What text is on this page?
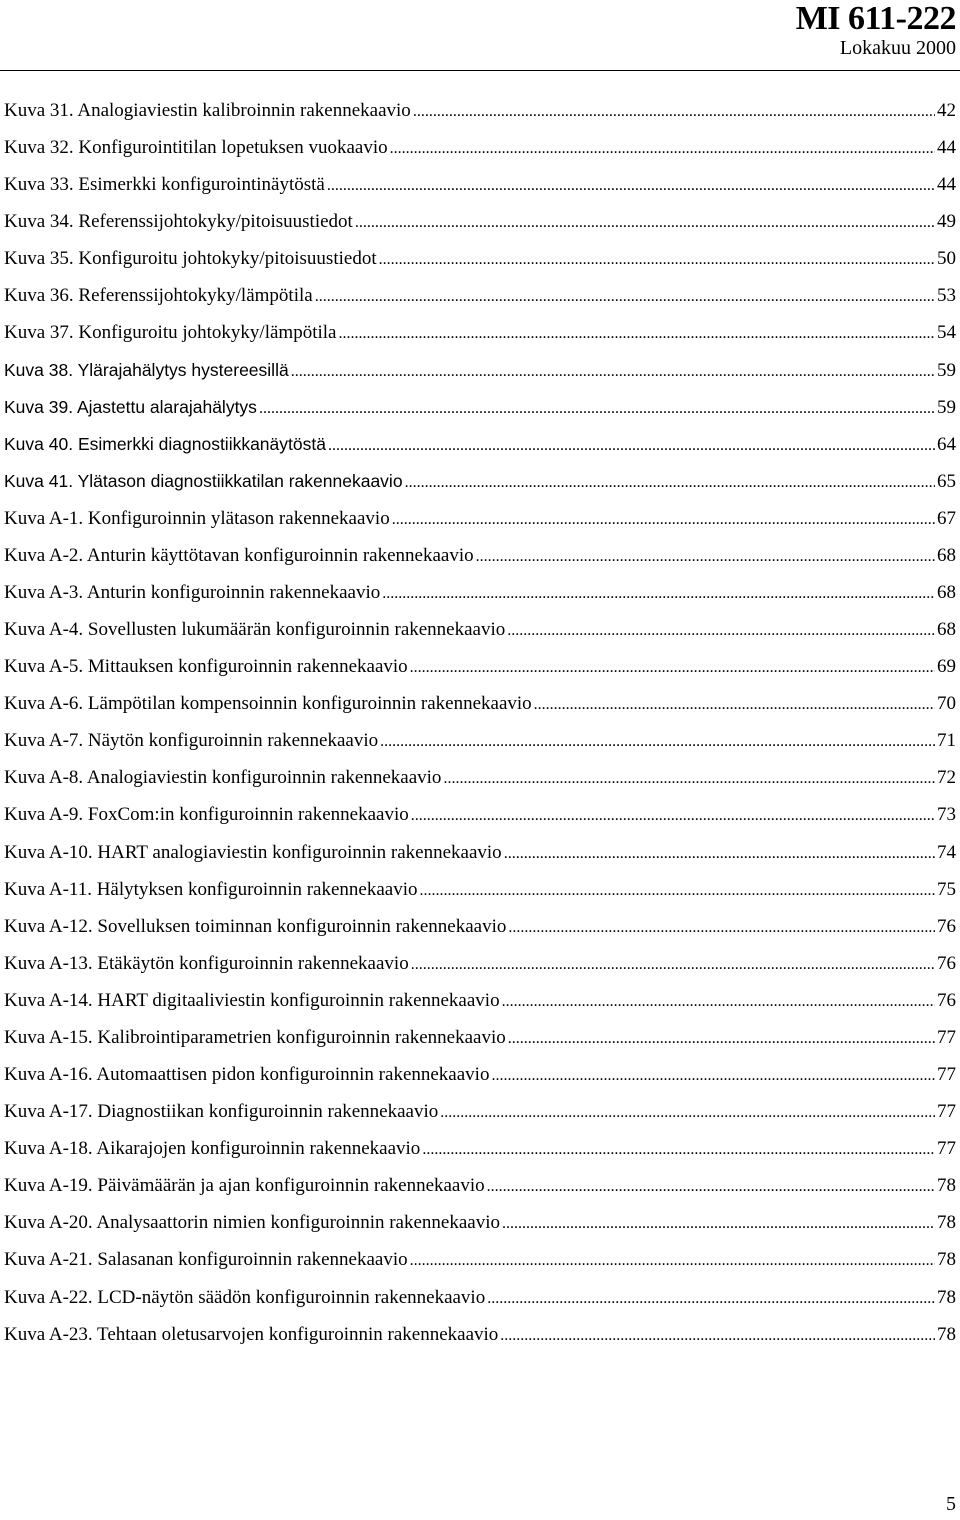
MI 611-222
Lokakuu 2000
Kuva 31. Analogiaviestin kalibroinnin rakennekaavio .....	42
Kuva 32. Konfigurointitilan lopetuksen vuokaavio .....	44
Kuva 33. Esimerkki konfigurointinäytöstä .....	44
Kuva 34. Referenssijohtokyky/pitoisuustiedot .....	49
Kuva 35. Konfiguroitu johtokyky/pitoisuustiedot .....	50
Kuva 36. Referenssijohtokyky/lämpötila .....	53
Kuva 37. Konfiguroitu johtokyky/lämpötila .....	54
Kuva 38. Ylärajahälytys hystereesillä .....	59
Kuva 39. Ajastettu alarajahälytys .....	59
Kuva 40. Esimerkki diagnostiikkanäytöstä .....	64
Kuva 41. Ylätason diagnostiikkatilan rakennekaavio .....	65
Kuva A-1. Konfiguroinnin ylätason rakennekaavio .....	67
Kuva A-2. Anturin käyttötavan konfiguroinnin rakennekaavio .....	68
Kuva A-3. Anturin konfiguroinnin rakennekaavio .....	68
Kuva A-4. Sovellusten lukumäärän konfiguroinnin rakennekaavio .....	68
Kuva A-5. Mittauksen konfiguroinnin rakennekaavio .....	69
Kuva A-6. Lämpötilan kompensoinnin konfiguroinnin rakennekaavio .....	70
Kuva A-7. Näytön konfiguroinnin rakennekaavio .....	71
Kuva A-8. Analogiaviestin konfiguroinnin rakennekaavio .....	72
Kuva A-9. FoxCom:in konfiguroinnin rakennekaavio .....	73
Kuva A-10. HART analogiaviestin konfiguroinnin rakennekaavio .....	74
Kuva A-11. Hälytyksen konfiguroinnin rakennekaavio .....	75
Kuva A-12. Sovelluksen toiminnan konfiguroinnin rakennekaavio .....	76
Kuva A-13. Etäkäytön konfiguroinnin rakennekaavio .....	76
Kuva A-14. HART digitaaliviestin konfiguroinnin rakennekaavio .....	76
Kuva A-15. Kalibrointiparametrien konfiguroinnin rakennekaavio .....	77
Kuva A-16. Automaattisen pidon konfiguroinnin rakennekaavio .....	77
Kuva A-17. Diagnostiikan konfiguroinnin rakennekaavio .....	77
Kuva A-18. Aikarajojen konfiguroinnin rakennekaavio .....	77
Kuva A-19. Päivämäärän ja ajan konfiguroinnin rakennekaavio .....	78
Kuva A-20. Analysaattorin nimien konfiguroinnin rakennekaavio .....	78
Kuva A-21. Salasanan konfiguroinnin rakennekaavio .....	78
Kuva A-22. LCD-näytön säädön konfiguroinnin rakennekaavio .....	78
Kuva A-23. Tehtaan oletusarvojen konfiguroinnin rakennekaavio .....	78
5
